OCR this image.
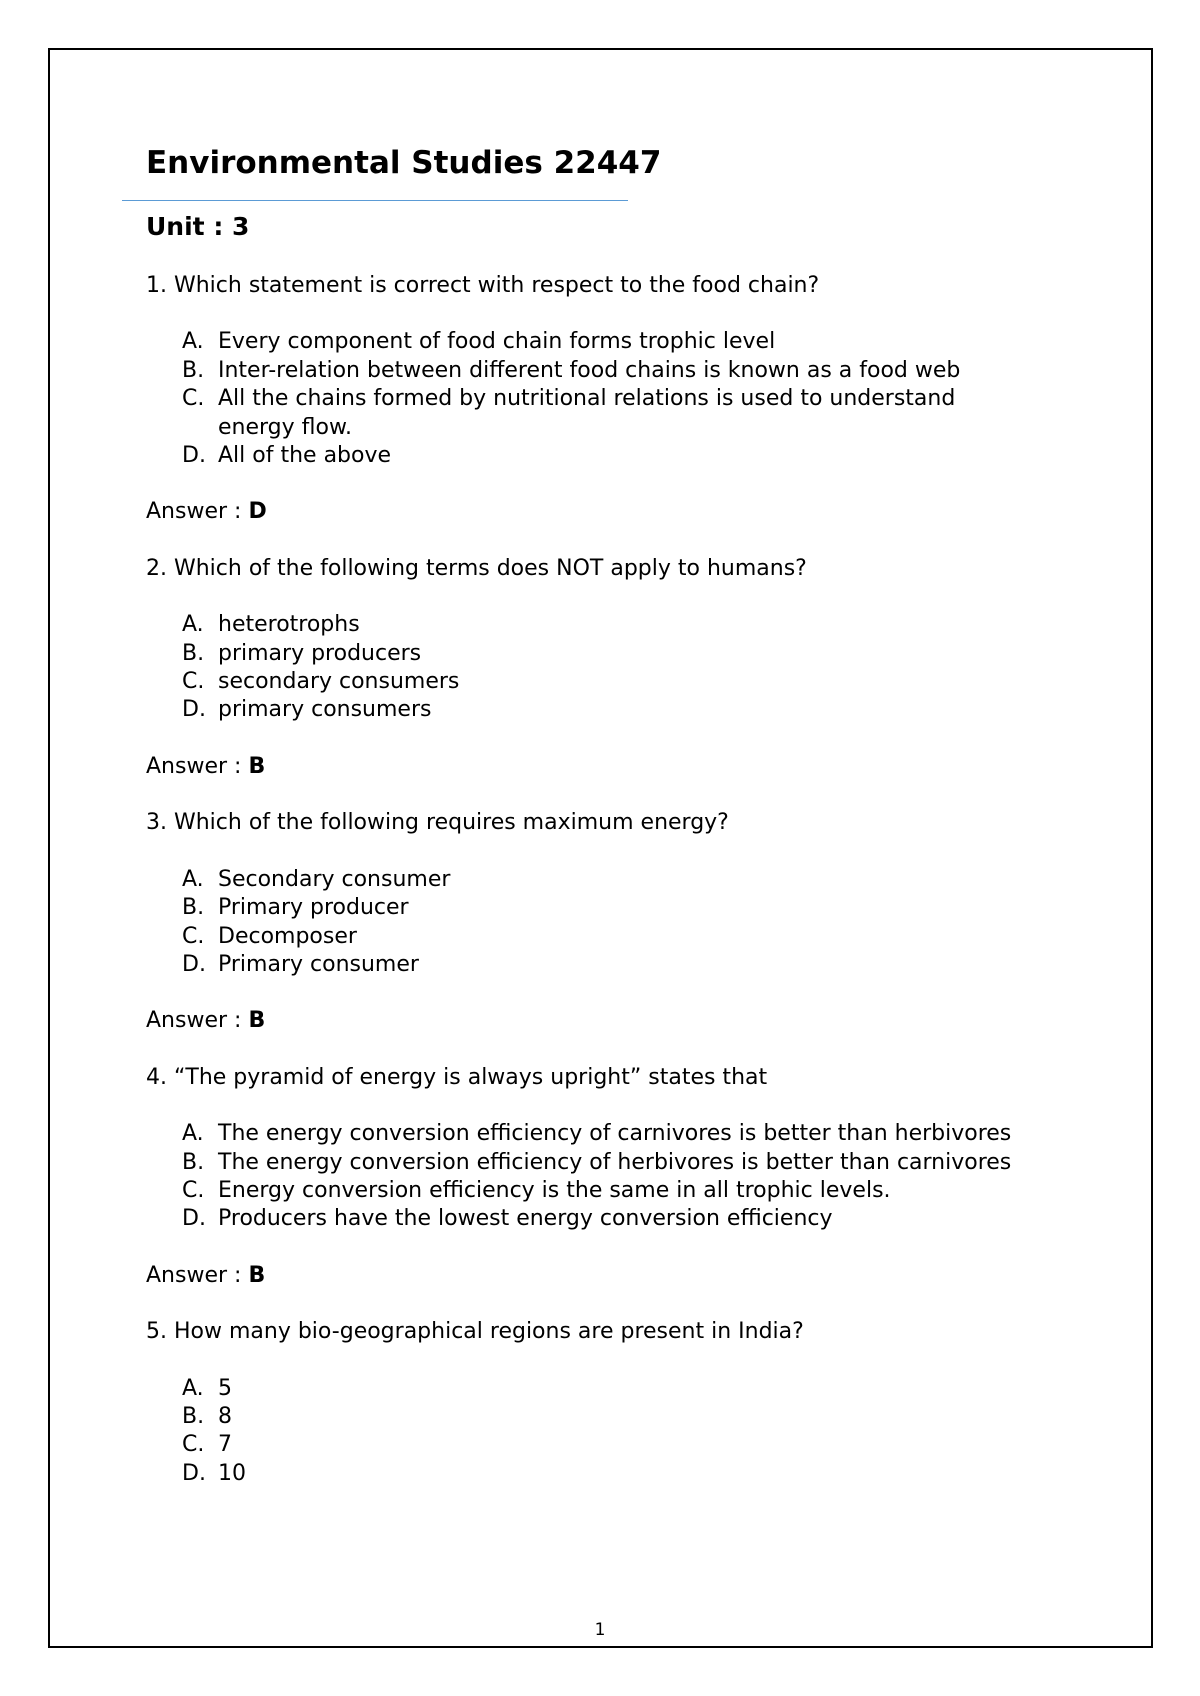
Environmental Studies 22447
Unit : 3

1. Which statement is correct with respect to the food chain?

A. Every component of food chain forms trophic level
B. Inter-relation between different food chains is known as a food web
C. All the chains formed by nutritional relations is used to understand energy flow.
D. All of the above

Answer : D

2. Which of the following terms does NOT apply to humans?

A. heterotrophs
B. primary producers
C. secondary consumers
D. primary consumers

Answer : B

3. Which of the following requires maximum energy?

A. Secondary consumer
B. Primary producer
C. Decomposer
D. Primary consumer

Answer : B

4. “The pyramid of energy is always upright” states that

A. The energy conversion efficiency of carnivores is better than herbivores
B. The energy conversion efficiency of herbivores is better than carnivores
C. Energy conversion efficiency is the same in all trophic levels.
D. Producers have the lowest energy conversion efficiency

Answer : B

5. How many bio-geographical regions are present in India?

A. 5
B. 8
C. 7
D. 10
1
